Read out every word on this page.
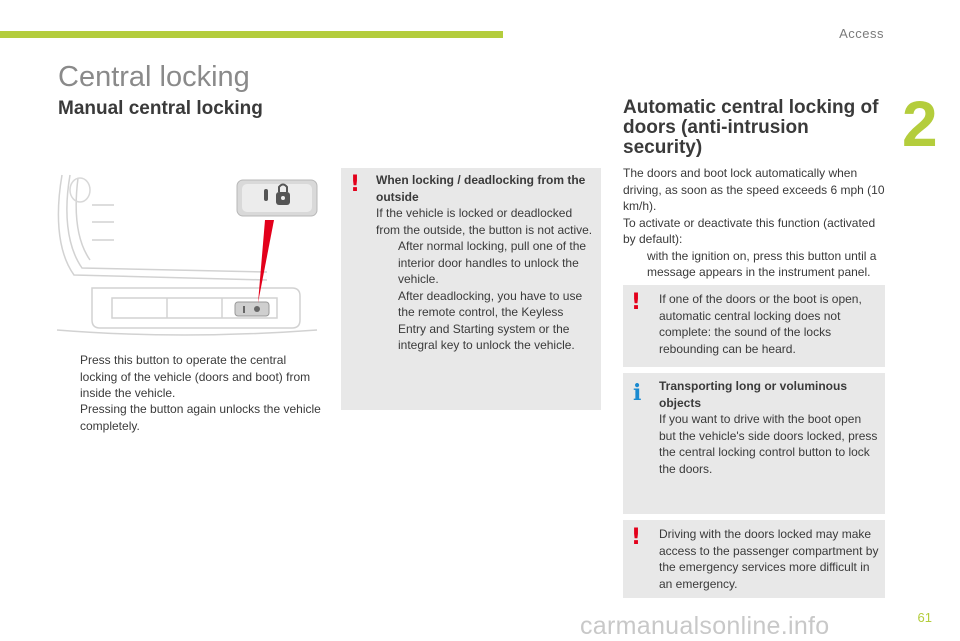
Access
2
Central locking
Manual central locking
Press this button to operate the central locking of the vehicle (doors and boot) from inside the vehicle.
Pressing the button again unlocks the vehicle completely.
! When locking / deadlocking from the outside
If the vehicle is locked or deadlocked from the outside, the button is not active.
After normal locking, pull one of the interior door handles to unlock the vehicle.
After deadlocking, you have to use the remote control, the Keyless Entry and Starting system or the integral key to unlock the vehicle.
Automatic central locking of doors (anti-intrusion security)
The doors and boot lock automatically when driving, as soon as the speed exceeds 6 mph (10 km/h).
To activate or deactivate this function (activated by default):
with the ignition on, press this button until a message appears in the instrument panel.
! If one of the doors or the boot is open, automatic central locking does not complete: the sound of the locks rebounding can be heard.
i Transporting long or voluminous objects
If you want to drive with the boot open but the vehicle's side doors locked, press the central locking control button to lock the doors.
! Driving with the doors locked may make access to the passenger compartment by the emergency services more difficult in an emergency.
carmanualsonline.info	61
